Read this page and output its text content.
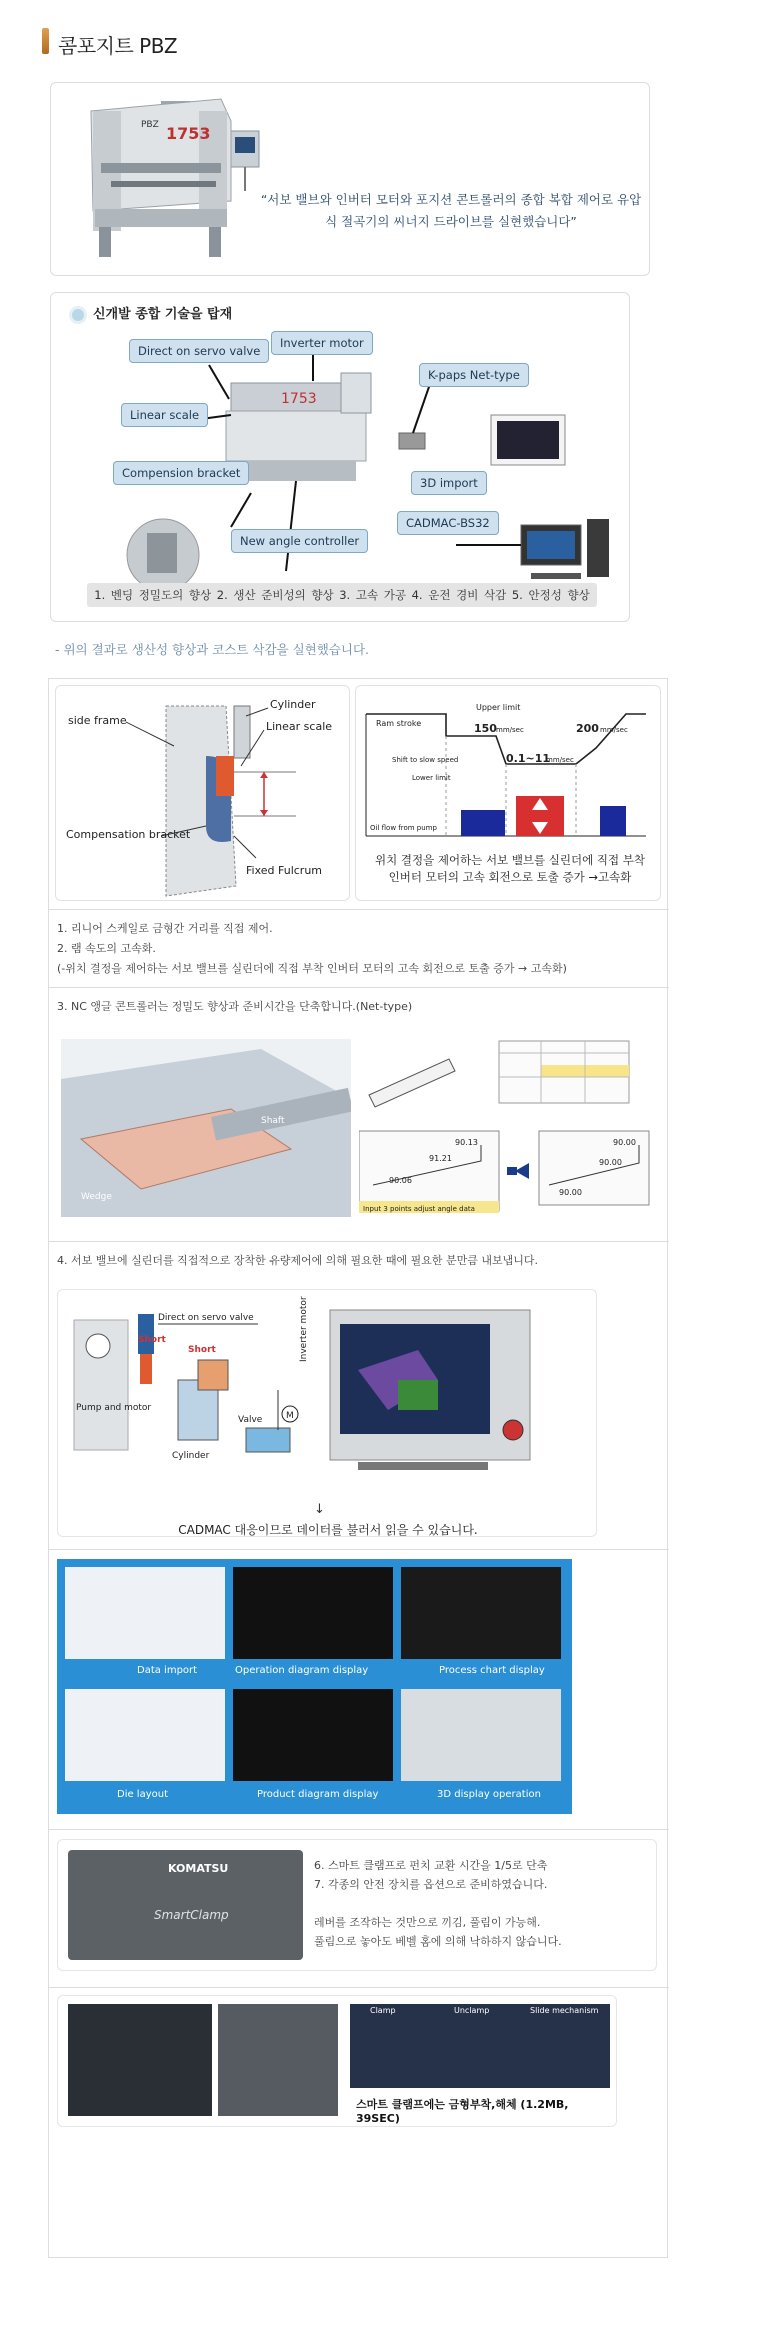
콤포지트 PBZ
1753
PBZ
“서보 밸브와 인버터 모터와 포지션 콘트롤러의 종합 복합 제어로 유압식 절곡기의 씨너지 드라이브를 실현했습니다”
신개발 종합 기술을 탑재
1753
Direct on servo valve
Inverter motor
K-paps Net-type
Linear scale
Compension bracket
3D import
CADMAC-BS32
New angle controller
1. 벤딩 정밀도의 향상 2. 생산 준비성의 향상 3. 고속 가공 4. 운전 경비 삭감 5. 안정성 향상
- 위의 결과로 생산성 향상과 코스트 삭감을 실현했습니다.
side frame
Cylinder
Linear scale
Compensation bracket
Fixed Fulcrum
Upper limit
Ram stroke	150 mm/sec	200 mm/sec
Shift to slow speed	0.1~11
mm/sec
Lower limit
Oil flow from pump
위치 결정을 제어하는 서보 밸브를 실린더에 직접 부착 인버터 모터의 고속 회전으로 토출 증가 →고속화
1. 리니어 스케일로 금형간 거리를 직접 제어.
2. 램 속도의 고속화.
(-위치 결정을 제어하는 서보 밸브를 실린더에 직접 부착 인버터 모터의 고속 회전으로 토출 증가 → 고속화)
3. NC 앵글 콘트롤러는 정밀도 향상과 준비시간을 단축합니다.(Net-type)
Wedge
Shaft
90.06
90.13
91.21
90.00
90.00
90.00
Input 3 points adjust angle data
4. 서보 밸브에 실린더를 직접적으로 장착한 유량제어에 의해 필요한 때에 필요한 분만큼 내보냅니다.
Direct on servo valve
Short
Short
Pump and motor
Cylinder
Valve
Inverter motor
M
↓
CADMAC 대응이므로 데이터를 불러서 읽을 수 있습니다.
Data import	Operation diagram display	Process chart display
Die layout	Product diagram display	3D display operation
KOMATSU
SmartClamp
6. 스마트 클램프로 펀치 교환 시간을 1/5로 단축
7. 각종의 안전 장치를 옵션으로 준비하였습니다.
레버를 조작하는 것만으로 끼김, 풀림이 가능해.
풀림으로 놓아도 베벨 홈에 의해 낙하하지 않습니다.
Clamp	Unclamp	Slide mechanism
스마트 클램프에는 금형부착,해체 (1.2MB, 39SEC)
